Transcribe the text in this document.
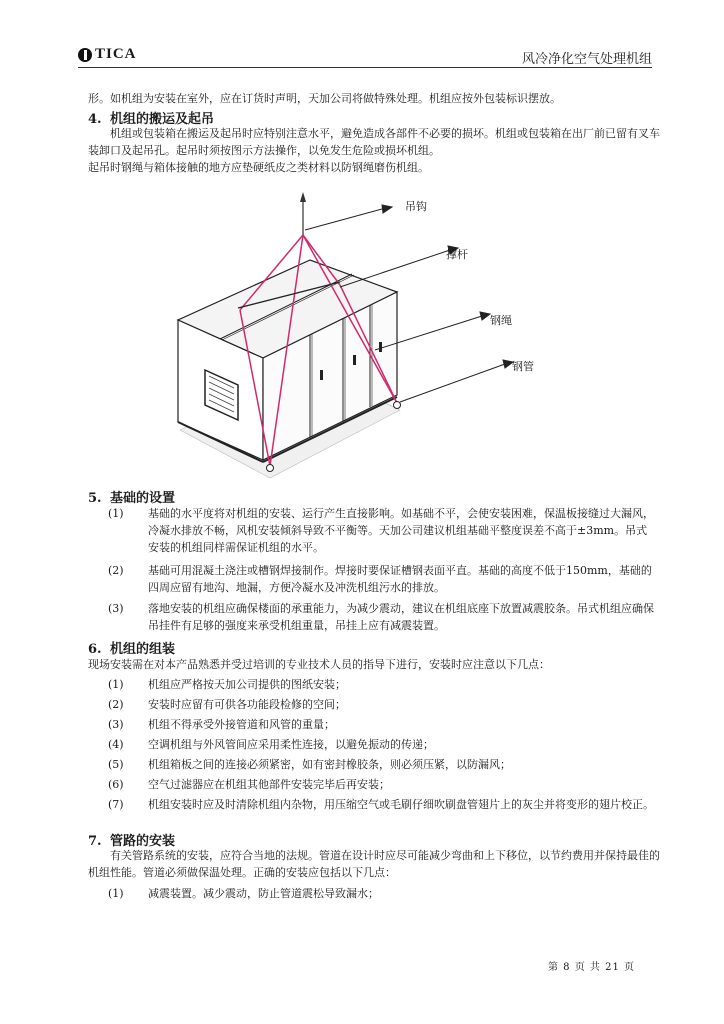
TICA	风冷净化空气处理机组
形。如机组为安装在室外，应在订货时声明，天加公司将做特殊处理。机组应按外包装标识摆放。
4. 机组的搬运及起吊
机组或包装箱在搬运及起吊时应特别注意水平，避免造成各部件不必要的损坏。机组或包装箱在出厂前已留有叉车装卸口及起吊孔。起吊时须按图示方法操作，以免发生危险或损坏机组。
起吊时钢绳与箱体接触的地方应垫硬纸皮之类材料以防钢绳磨伤机组。
吊钩
撑杆
钢绳
钢管
5. 基础的设置
(1)	基础的水平度将对机组的安装、运行产生直接影响。如基础不平，会使安装困难，保温板接缝过大漏风，冷凝水排放不畅，风机安装倾斜导致不平衡等。天加公司建议机组基础平整度误差不高于±3mm。吊式安装的机组同样需保证机组的水平。
(2)	基础可用混凝土浇注或槽钢焊接制作。焊接时要保证槽钢表面平直。基础的高度不低于150mm，基础的四周应留有地沟、地漏，方便冷凝水及冲洗机组污水的排放。
(3)	落地安装的机组应确保楼面的承重能力，为减少震动，建议在机组底座下放置减震胶条。吊式机组应确保吊挂件有足够的强度来承受机组重量，吊挂上应有减震装置。
6. 机组的组装
现场安装需在对本产品熟悉并受过培训的专业技术人员的指导下进行，安装时应注意以下几点：
(1)	机组应严格按天加公司提供的图纸安装；
(2)	安装时应留有可供各功能段检修的空间；
(3)	机组不得承受外接管道和风管的重量；
(4)	空调机组与外风管间应采用柔性连接，以避免振动的传递；
(5)	机组箱板之间的连接必须紧密，如有密封橡胶条，则必须压紧，以防漏风；
(6)	空气过滤器应在机组其他部件安装完毕后再安装；
(7)	机组安装时应及时清除机组内杂物，用压缩空气或毛刷仔细吹刷盘管翅片上的灰尘并将变形的翅片校正。
7. 管路的安装
有关管路系统的安装，应符合当地的法规。管道在设计时应尽可能减少弯曲和上下移位，以节约费用并保持最佳的机组性能。管道必须做保温处理。正确的安装应包括以下几点：
(1)	减震装置。减少震动，防止管道震松导致漏水；
第 8 页 共 21 页
